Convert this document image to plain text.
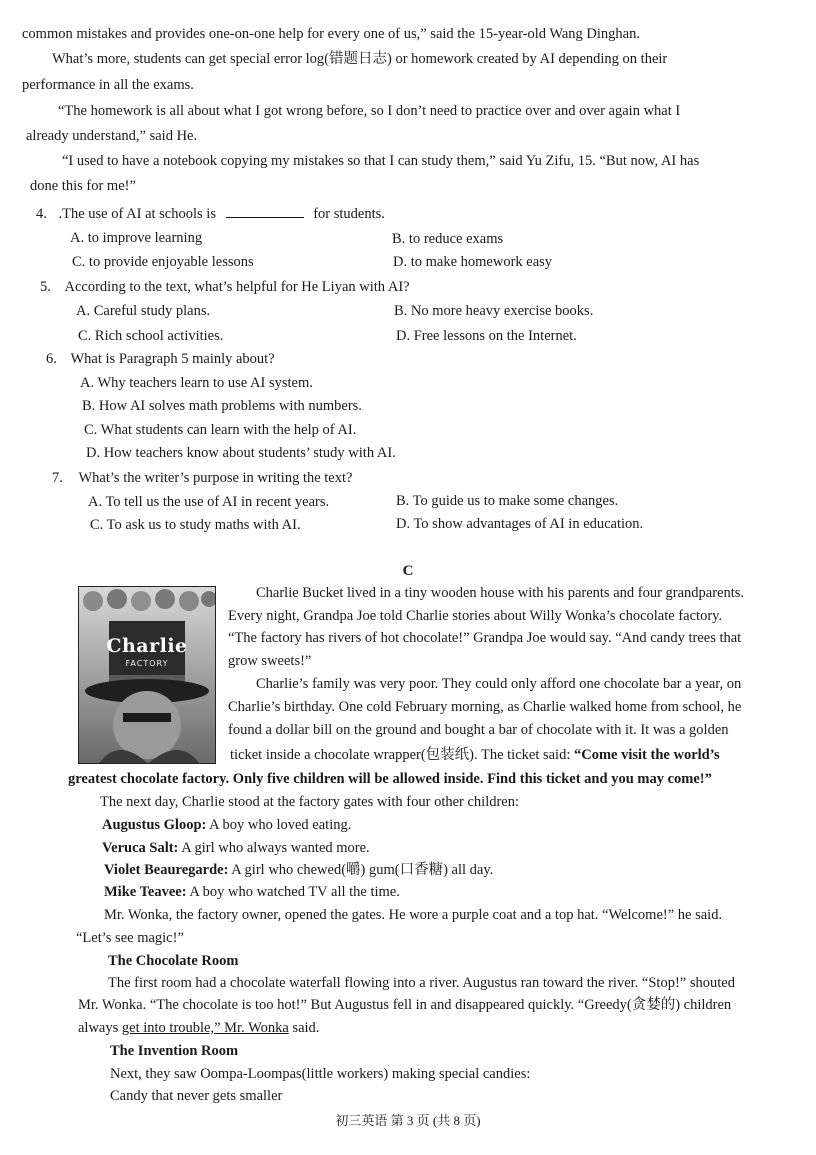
common mistakes and provides one-on-one help for every one of us,” said the 15-year-old Wang Dinghan.
What’s more, students can get special error log(错题日志) or homework created by AI depending on their
performance in all the exams.
“The homework is all about what I got wrong before, so I don’t need to practice over and over again what I
already understand,” said He.
“I used to have a notebook copying my mistakes so that I can study them,” said Yu Zifu, 15. “But now, AI has
done this for me!”
4. .The use of AI at schools is	for students.
A. to improve learning	B. to reduce exams
C. to provide enjoyable lessons	D. to make homework easy
5. According to the text, what’s helpful for He Liyan with AI?
A. Careful study plans.	B. No more heavy exercise books.
C. Rich school activities.	D. Free lessons on the Internet.
6. What is Paragraph 5 mainly about?
A. Why teachers learn to use AI system.
B. How AI solves math problems with numbers.
C. What students can learn with the help of AI.
D. How teachers know about students’ study with AI.
7. What’s the writer’s purpose in writing the text?
A. To tell us the use of AI in recent years.	B. To guide us to make some changes.
C. To ask us to study maths with AI.	D. To show advantages of AI in education.
C
Charlie
FACTORY
Charlie Bucket lived in a tiny wooden house with his parents and four grandparents.
Every night, Grandpa Joe told Charlie stories about Willy Wonka’s chocolate factory.
“The factory has rivers of hot chocolate!” Grandpa Joe would say. “And candy trees that
grow sweets!”
Charlie’s family was very poor. They could only afford one chocolate bar a year, on
Charlie’s birthday. One cold February morning, as Charlie walked home from school, he
found a dollar bill on the ground and bought a bar of chocolate with it. It was a golden
ticket inside a chocolate wrapper(包装纸). The ticket said: “Come visit the world’s
greatest chocolate factory. Only five children will be allowed inside. Find this ticket and you may come!”
The next day, Charlie stood at the factory gates with four other children:
Augustus Gloop: A boy who loved eating.
Veruca Salt: A girl who always wanted more.
Violet Beauregarde: A girl who chewed(嚼) gum(口香糖) all day.
Mike Teavee: A boy who watched TV all the time.
Mr. Wonka, the factory owner, opened the gates. He wore a purple coat and a top hat. “Welcome!” he said.
“Let’s see magic!”
The Chocolate Room
The first room had a chocolate waterfall flowing into a river. Augustus ran toward the river. “Stop!” shouted
Mr. Wonka. “The chocolate is too hot!” But Augustus fell in and disappeared quickly. “Greedy(贪婪的) children
always get into trouble,” Mr. Wonka said.
The Invention Room
Next, they saw Oompa-Loompas(little workers) making special candies:
Candy that never gets smaller
初三英语 第 3 页 (共 8 页)
